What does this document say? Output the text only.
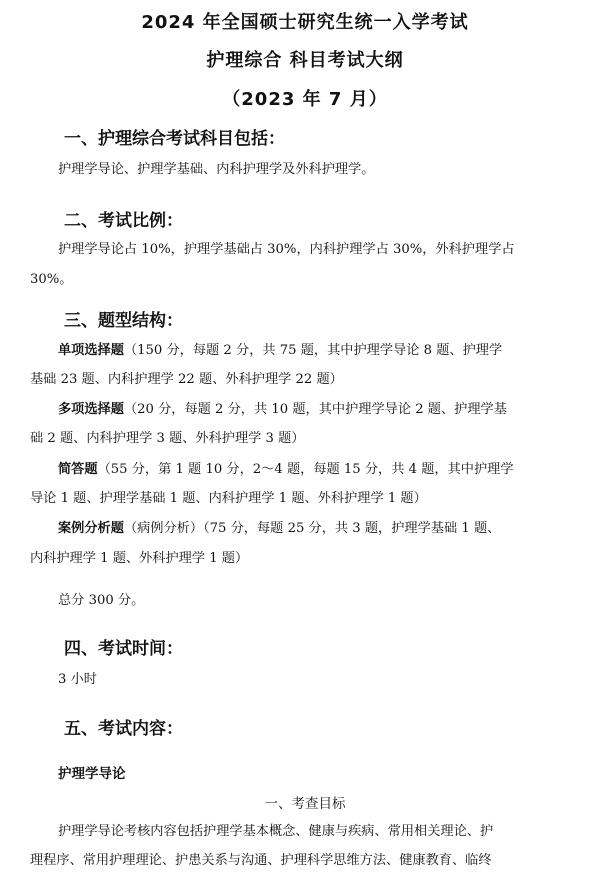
2024 年全国硕士研究生统一入学考试
护理综合 科目考试大纲
（2023 年 7 月）
一、护理综合考试科目包括：
护理学导论、护理学基础、内科护理学及外科护理学。
二、考试比例：
护理学导论占 10%，护理学基础占 30%，内科护理学占 30%，外科护理学占
30%。
三、题型结构：
单项选择题（150 分，每题 2 分，共 75 题，其中护理学导论 8 题、护理学
基础 23 题、内科护理学 22 题、外科护理学 22 题）
多项选择题（20 分，每题 2 分，共 10 题，其中护理学导论 2 题、护理学基
础 2 题、内科护理学 3 题、外科护理学 3 题）
简答题（55 分，第 1 题 10 分，2～4 题，每题 15 分，共 4 题，其中护理学
导论 1 题、护理学基础 1 题、内科护理学 1 题、外科护理学 1 题）
案例分析题（病例分析）（75 分，每题 25 分，共 3 题，护理学基础 1 题、
内科护理学 1 题、外科护理学 1 题）
总分 300 分。
四、考试时间：
3 小时
五、考试内容：
护理学导论
一、考查目标
护理学导论考核内容包括护理学基本概念、健康与疾病、常用相关理论、护
理程序、常用护理理论、护患关系与沟通、护理科学思维方法、健康教育、临终
